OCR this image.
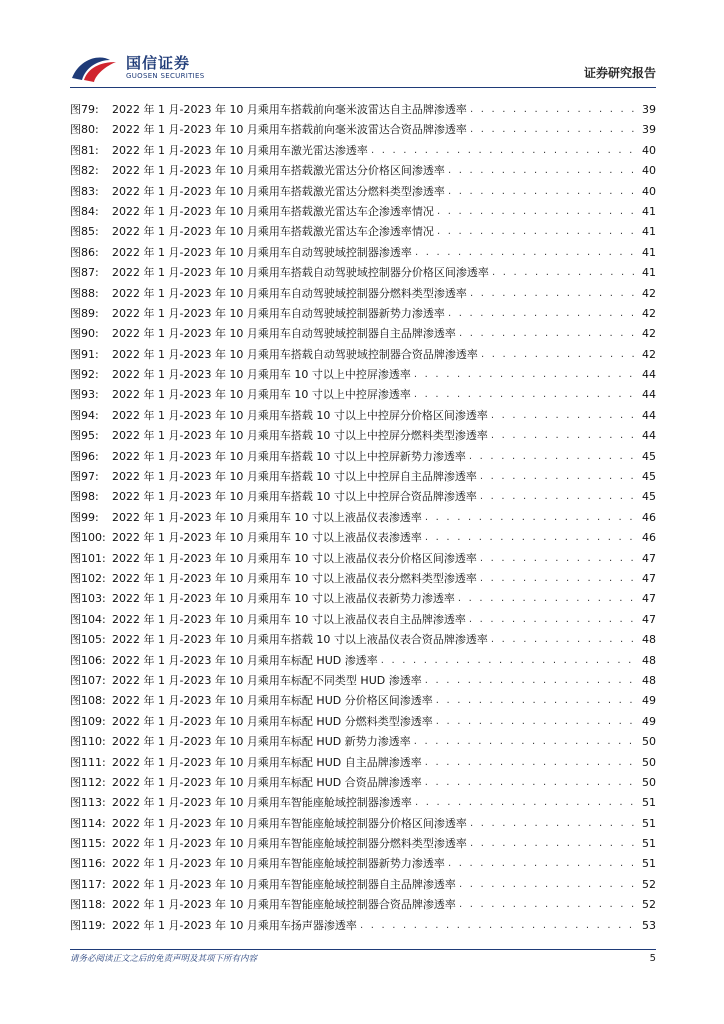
国信证券
GUOSEN SECURITIES	证券研究报告
图79:	2022 年 1 月-2023 年 10 月乘用车搭载前向毫米波雷达自主品牌渗透率 . . .	39
图80:	2022 年 1 月-2023 年 10 月乘用车搭载前向毫米波雷达合资品牌渗透率 . . .	39
图81:	2022 年 1 月-2023 年 10 月乘用车激光雷达渗透率 . . .	40
图82:	2022 年 1 月-2023 年 10 月乘用车搭载激光雷达分价格区间渗透率 . . .	40
图83:	2022 年 1 月-2023 年 10 月乘用车搭载激光雷达分燃料类型渗透率 . . .	40
图84:	2022 年 1 月-2023 年 10 月乘用车搭载激光雷达车企渗透率情况 . . .	41
图85:	2022 年 1 月-2023 年 10 月乘用车搭载激光雷达车企渗透率情况 . . .	41
图86:	2022 年 1 月-2023 年 10 月乘用车自动驾驶域控制器渗透率 . . .	41
图87:	2022 年 1 月-2023 年 10 月乘用车搭载自动驾驶域控制器分价格区间渗透率 . . .	41
图88:	2022 年 1 月-2023 年 10 月乘用车自动驾驶域控制器分燃料类型渗透率 . . .	42
图89:	2022 年 1 月-2023 年 10 月乘用车自动驾驶域控制器新势力渗透率 . . .	42
图90:	2022 年 1 月-2023 年 10 月乘用车自动驾驶域控制器自主品牌渗透率 . . .	42
图91:	2022 年 1 月-2023 年 10 月乘用车搭载自动驾驶域控制器合资品牌渗透率 . . .	42
图92:	2022 年 1 月-2023 年 10 月乘用车 10 寸以上中控屏渗透率 . . .	44
图93:	2022 年 1 月-2023 年 10 月乘用车 10 寸以上中控屏渗透率 . . .	44
图94:	2022 年 1 月-2023 年 10 月乘用车搭载 10 寸以上中控屏分价格区间渗透率 . . .	44
图95:	2022 年 1 月-2023 年 10 月乘用车搭载 10 寸以上中控屏分燃料类型渗透率 . . .	44
图96:	2022 年 1 月-2023 年 10 月乘用车搭载 10 寸以上中控屏新势力渗透率 . . .	45
图97:	2022 年 1 月-2023 年 10 月乘用车搭载 10 寸以上中控屏自主品牌渗透率 . . .	45
图98:	2022 年 1 月-2023 年 10 月乘用车搭载 10 寸以上中控屏合资品牌渗透率 . . .	45
图99:	2022 年 1 月-2023 年 10 月乘用车 10 寸以上液晶仪表渗透率 . . .	46
图100: 2022 年 1 月-2023 年 10 月乘用车 10 寸以上液晶仪表渗透率 . . .	46
图101: 2022 年 1 月-2023 年 10 月乘用车 10 寸以上液晶仪表分价格区间渗透率 . . .	47
图102: 2022 年 1 月-2023 年 10 月乘用车 10 寸以上液晶仪表分燃料类型渗透率 . . .	47
图103: 2022 年 1 月-2023 年 10 月乘用车 10 寸以上液晶仪表新势力渗透率 . . .	47
图104: 2022 年 1 月-2023 年 10 月乘用车 10 寸以上液晶仪表自主品牌渗透率 . . .	47
图105: 2022 年 1 月-2023 年 10 月乘用车搭载 10 寸以上液晶仪表合资品牌渗透率 . . .	48
图106: 2022 年 1 月-2023 年 10 月乘用车标配 HUD 渗透率 . . .	48
图107: 2022 年 1 月-2023 年 10 月乘用车标配不同类型 HUD 渗透率 . . .	48
图108: 2022 年 1 月-2023 年 10 月乘用车标配 HUD 分价格区间渗透率 . . .	49
图109: 2022 年 1 月-2023 年 10 月乘用车标配 HUD 分燃料类型渗透率 . . .	49
图110: 2022 年 1 月-2023 年 10 月乘用车标配 HUD 新势力渗透率 . . .	50
图111: 2022 年 1 月-2023 年 10 月乘用车标配 HUD 自主品牌渗透率 . . .	50
图112: 2022 年 1 月-2023 年 10 月乘用车标配 HUD 合资品牌渗透率 . . .	50
图113: 2022 年 1 月-2023 年 10 月乘用车智能座舱域控制器渗透率 . . .	51
图114: 2022 年 1 月-2023 年 10 月乘用车智能座舱域控制器分价格区间渗透率 . . .	51
图115: 2022 年 1 月-2023 年 10 月乘用车智能座舱域控制器分燃料类型渗透率 . . .	51
图116: 2022 年 1 月-2023 年 10 月乘用车智能座舱域控制器新势力渗透率 . . .	51
图117: 2022 年 1 月-2023 年 10 月乘用车智能座舱域控制器自主品牌渗透率 . . .	52
图118: 2022 年 1 月-2023 年 10 月乘用车智能座舱域控制器合资品牌渗透率 . . .	52
图119: 2022 年 1 月-2023 年 10 月乘用车扬声器渗透率 . . .	53
请务必阅读正文之后的免责声明及其项下所有内容	5
